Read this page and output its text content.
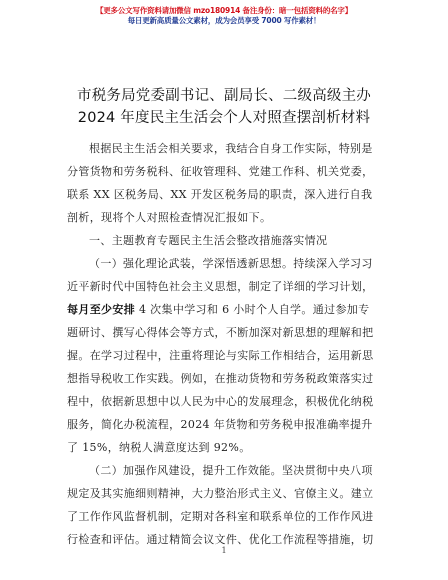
【更多公文写作资料请加微信 mzo180914 备注身份：暗一包括资料的名字】
每日更新高质量公文素材，成为会员享受 7000 写作素材！
市税务局党委副书记、副局长、二级高级主办
2024 年度民主生活会个人对照查摆剖析材料
根据民主生活会相关要求，我结合自身工作实际，特别是
分管货物和劳务税科、征收管理科、党建工作科、机关党委，
联系 XX 区税务局、XX 开发区税务局的职责，深入进行自我
剖析，现将个人对照检查情况汇报如下。
一、主题教育专题民主生活会整改措施落实情况
（一）强化理论武装，学深悟透新思想。持续深入学习习
近平新时代中国特色社会主义思想，制定了详细的学习计划，
每月至少安排 4 次集中学习和 6 小时个人自学。通过参加专
题研讨、撰写心得体会等方式，不断加深对新思想的理解和把
握。在学习过程中，注重将理论与实际工作相结合，运用新思
想指导税收工作实践。例如，在推动货物和劳务税政策落实过
程中，依据新思想中以人民为中心的发展理念，积极优化纳税
服务，简化办税流程，2024 年货物和劳务税申报准确率提升
了 15%，纳税人满意度达到 92%。
（二）加强作风建设，提升工作效能。坚决贯彻中央八项
规定及其实施细则精神，大力整治形式主义、官僚主义。建立
了工作作风监督机制，定期对各科室和联系单位的工作作风进
行检查和评估。通过精简会议文件、优化工作流程等措施，切
1
